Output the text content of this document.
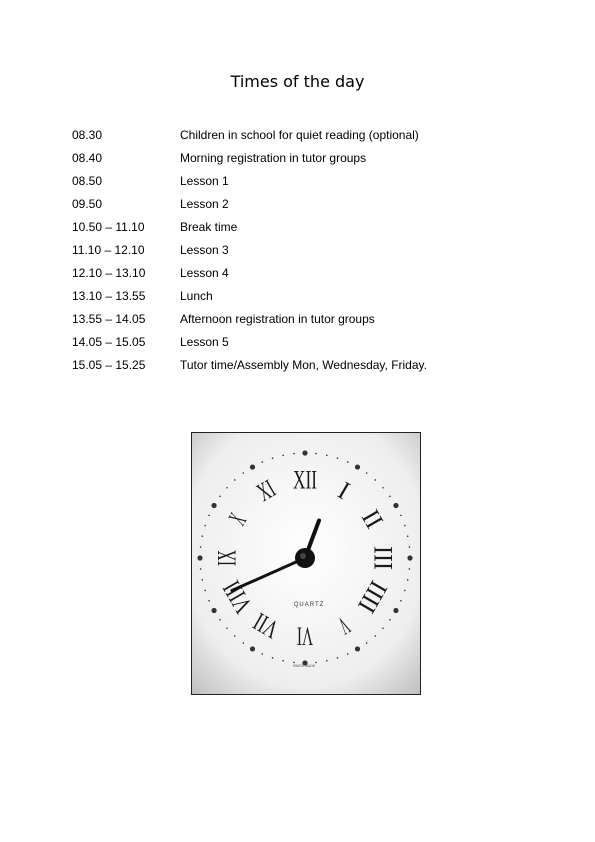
Times of the day
08.30	Children in school for quiet reading (optional)
08.40	Morning registration in tutor groups
08.50	Lesson 1
09.50	Lesson 2
10.50 – 11.10	Break time
11.10 – 12.10	Lesson 3
12.10 – 13.10	Lesson 4
13.10 – 13.55	Lunch
13.55 – 14.05	Afternoon registration in tutor groups
14.05 – 15.05	Lesson 5
15.05 – 15.25	Tutor time/Assembly Mon, Wednesday, Friday.
XII I
II
III
IIII
VI
VII
VIII
IX
XI
QUARTZ
SWISS MADE
